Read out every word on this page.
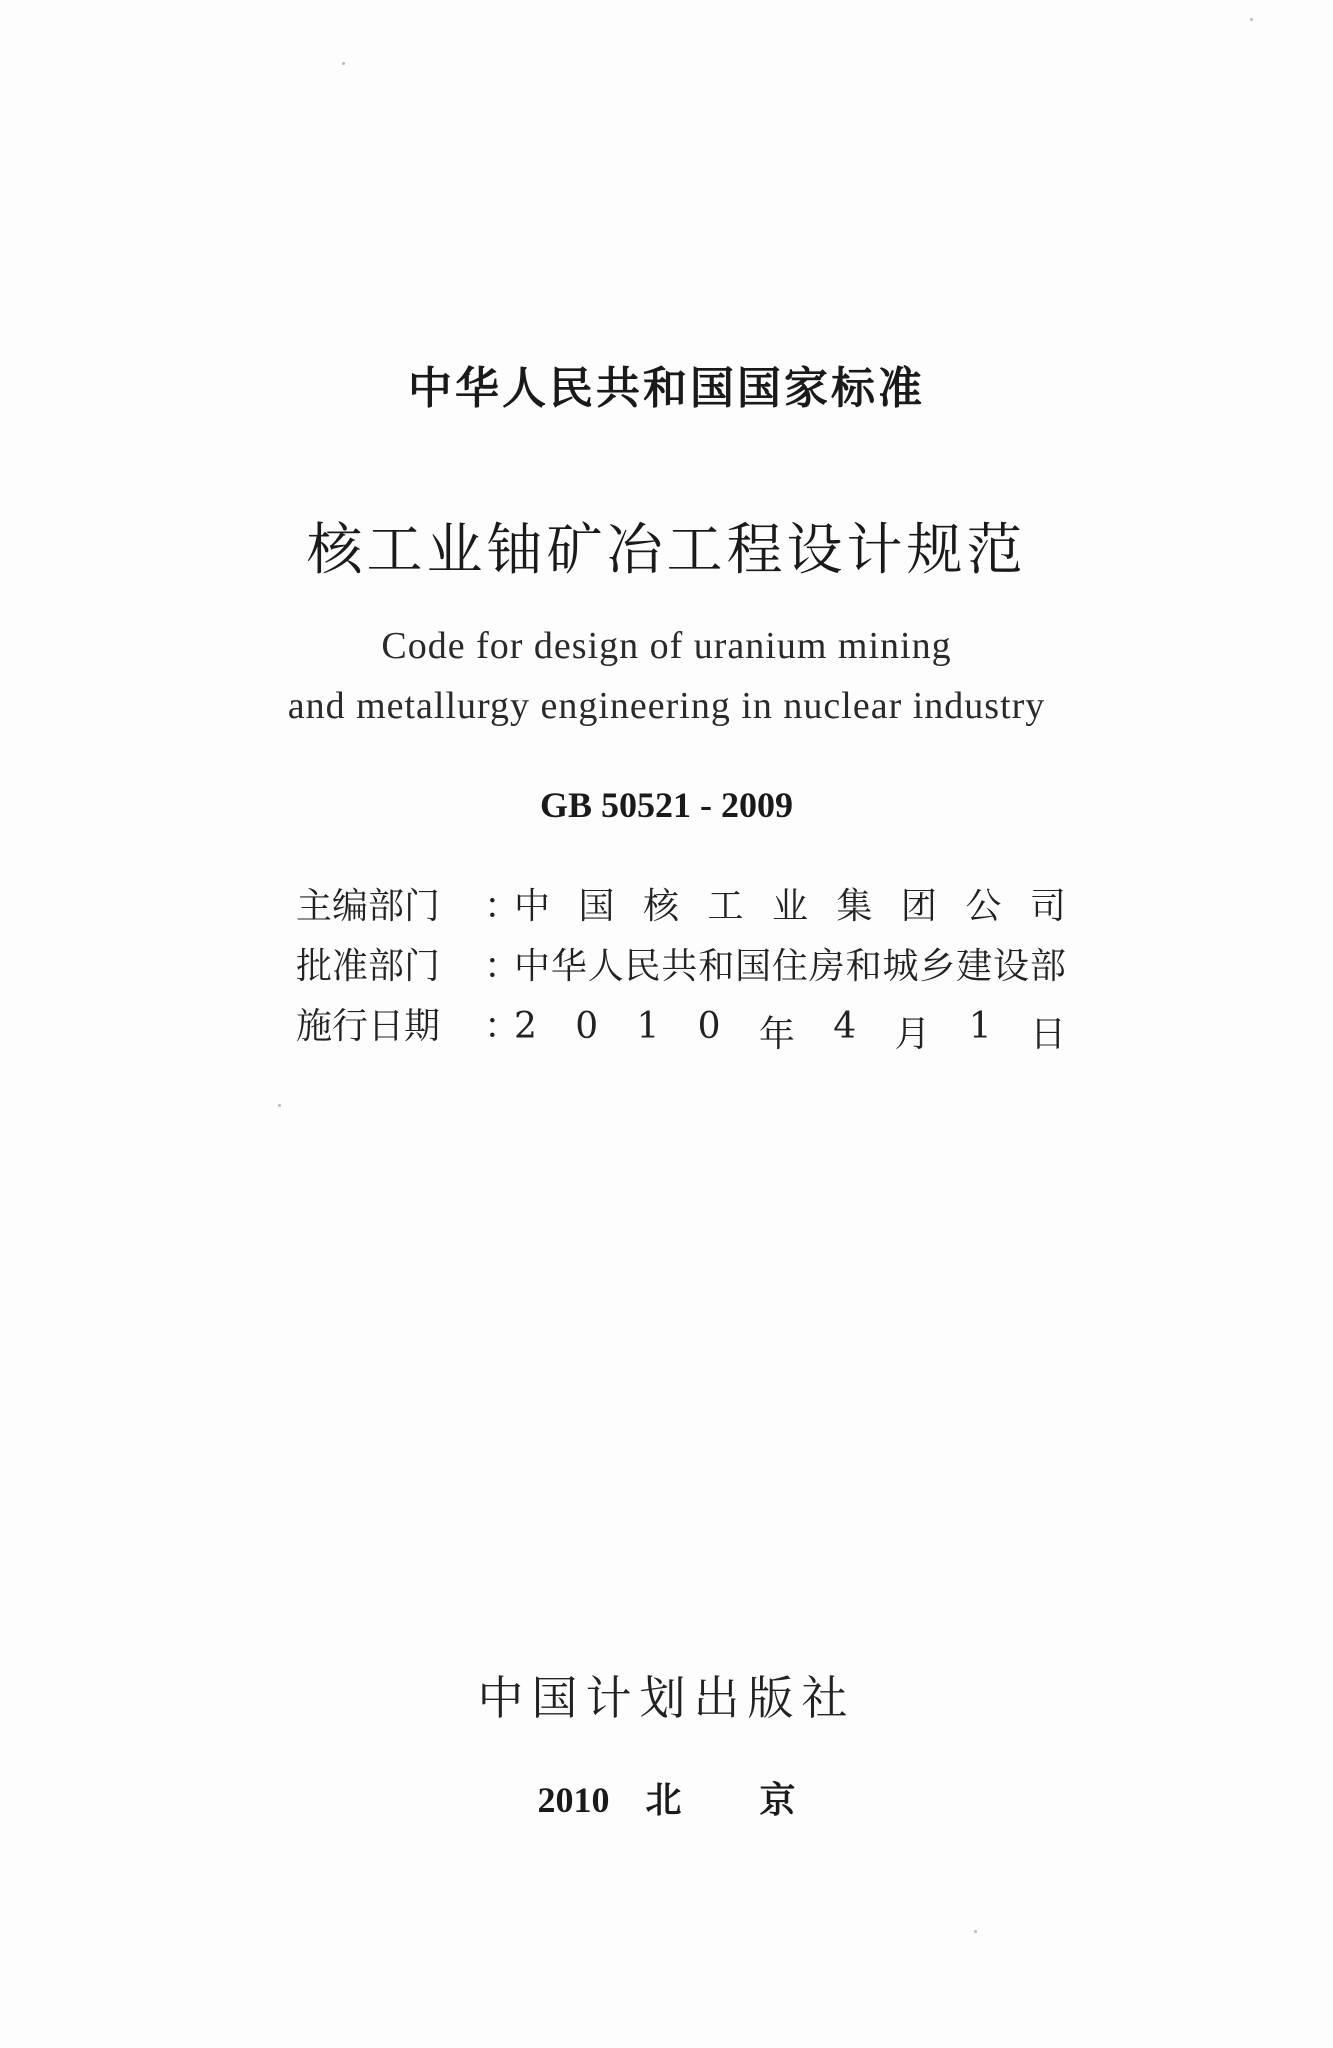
中华人民共和国国家标准
核工业铀矿冶工程设计规范
Code for design of uranium mining
and metallurgy engineering in nuclear industry
GB 50521 - 2009
主编部门	：
中 国 核 工 业 集 团 公 司
批准部门	：
中 华 人 民 共 和 国 住 房 和 城 乡 建 设 部
施行日期	：
2 0 1 0 年 4 月 1 日
中国计划出版社
2010 北 京
